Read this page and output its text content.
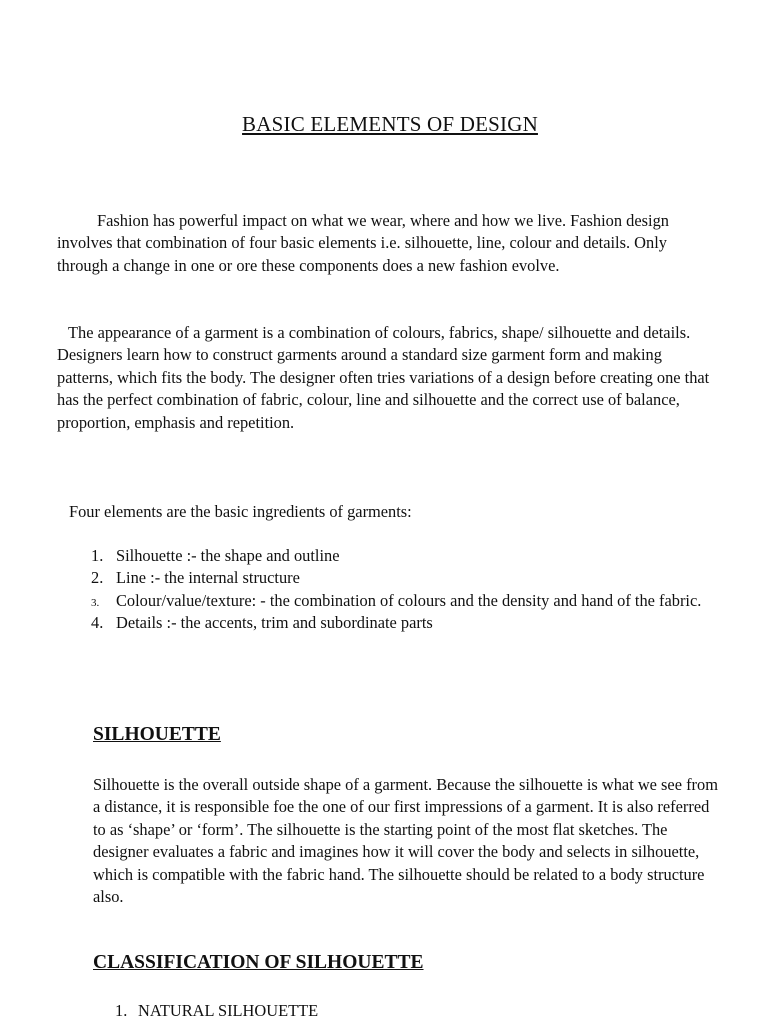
BASIC ELEMENTS OF DESIGN

Fashion has powerful impact on what we wear, where and how we live. Fashion design involves that combination of four basic elements i.e. silhouette, line, colour and details. Only through a change in one or ore these components does a new fashion evolve.

The appearance of a garment is a combination of colours, fabrics, shape/ silhouette and details. Designers learn how to construct garments around a standard size garment form and making patterns, which fits the body. The designer often tries variations of a design before creating one that has the perfect combination of fabric, colour, line and silhouette and the correct use of balance, proportion, emphasis and repetition.

Four elements are the basic ingredients of garments:

1. Silhouette :- the shape and outline
2. Line :- the internal structure
3. Colour/value/texture: - the combination of colours and the density and hand of the fabric.
4. Details :- the accents, trim and subordinate parts
SILHOUETTE

Silhouette is the overall outside shape of a garment. Because the silhouette is what we see from a distance, it is responsible foe the one of our first impressions of a garment. It is also referred to as ‘shape’ or ‘form’. The silhouette is the starting point of the most flat sketches. The designer evaluates a fabric and imagines how it will cover the body and selects in silhouette, which is compatible with the fabric hand. The silhouette should be related to a body structure also.

CLASSIFICATION OF SILHOUETTE
1. NATURAL SILHOUETTE
